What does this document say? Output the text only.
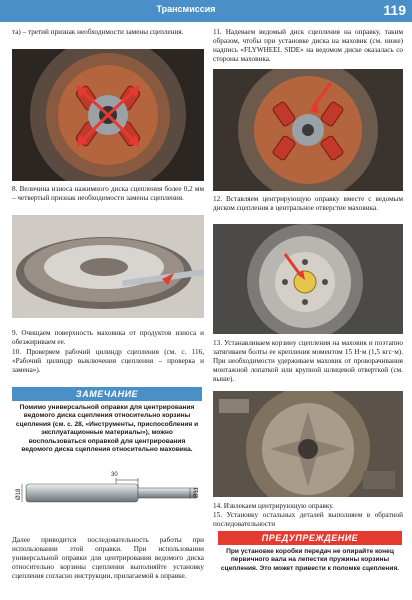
Трансмиссия	119
та) – третий признак необходимости замены сцепления.
8. Величина износа нажимного диска сцепления более 0,2 мм – четвертый признак необходимости замены сцепления.
9. Очищаем поверхность маховика от продуктов износа и обезжириваем ее.
10. Проверяем рабочий цилиндр сцепления (см. с. 116, «Рабочий цилиндр выключения сцепления – проверка и замена»).
ЗАМЕЧАНИЕ
Помимо универсальной оправки для центрирования ведомого диска сцепления относительно корзины сцепления (см. с. 28, «Инструменты, приспособления и эксплуатационные материалы»), можно воспользоваться оправкой для центрирования ведомого диска сцепления относительно маховика.
30
Ø18	Ø11
Далее приводится последовательность работы при использовании этой оправки. При использовании универсальной оправки для центрирования ведомого диска относительно корзины сцепления выполняйте установку сцепления согласно инструкции, прилагаемой к оправке.
11. Надеваем ведомый диск сцепления на оправку, таким образом, чтобы при установке диска на маховик (см. ниже) надпись «FLYWHEEL SIDE» на ведомом диске оказалась со стороны маховика.
12. Вставляем центрирующую оправку вместе с ведомым диском сцепления в центральное отверстие маховика.
13. Устанавливаем корзину сцепления на маховик и поэтапно затягиваем болты ее крепления моментом 15 Н·м (1,5 кгс·м). При необходимости удерживаем маховик от проворачивания монтажной лопаткой или крупной шлицевой отверткой (см. выше).
14. Извлекаем центрирующую оправку.
15. Установку остальных деталей выполняем в обратной последовательности
ПРЕДУПРЕЖДЕНИЕ
При установке коробки передач не опирайте конец первичного вала на лепестки пружины корзины сцепления. Это может привести к поломке сцепления.
